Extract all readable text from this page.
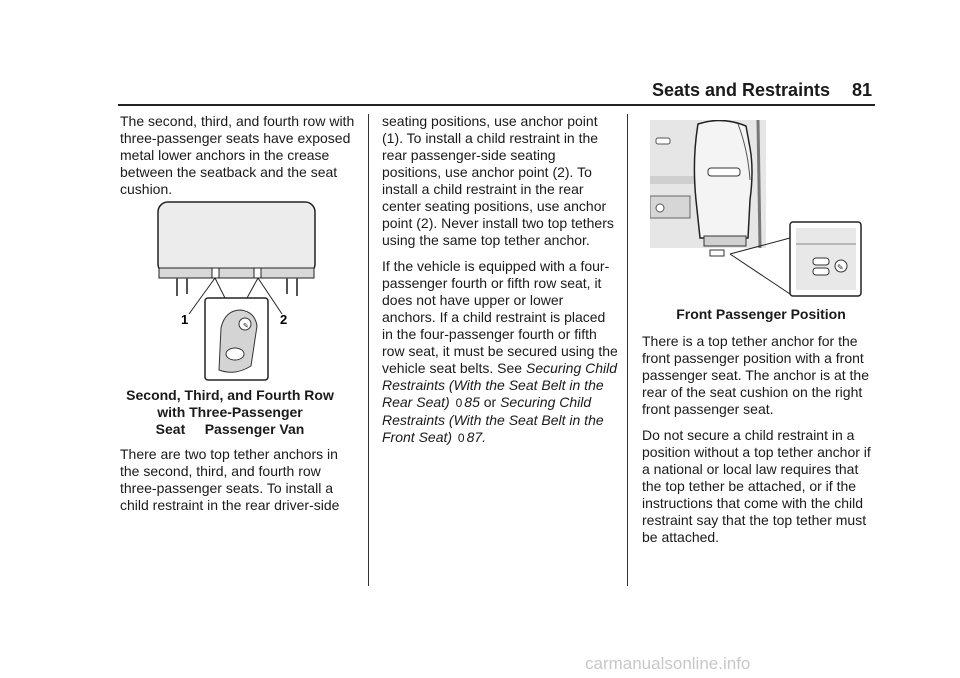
Seats and Restraints 81

The second, third, and fourth row with three-passenger seats have exposed metal lower anchors in the crease between the seatback and the seat cushion.

Second, Third, and Fourth Row
with Three-Passenger
Seat     Passenger Van

There are two top tether anchors in the second, third, and fourth row three-passenger seats. To install a child restraint in the rear driver-side

✎
1	2

seating positions, use anchor point (1). To install a child restraint in the rear passenger-side seating positions, use anchor point (2). To install a child restraint in the rear center seating positions, use anchor point (2). Never install two top tethers using the same top tether anchor.

If the vehicle is equipped with a four-passenger fourth or fifth row seat, it does not have upper or lower anchors. If a child restraint is placed in the four-passenger fourth or fifth row seat, it must be secured using the vehicle seat belts. See Securing Child Restraints (With the Seat Belt in the Rear Seat) 0 85 or Securing Child Restraints (With the Seat Belt in the Front Seat) 0 87.

✎
Front Passenger Position

There is a top tether anchor for the front passenger position with a front passenger seat. The anchor is at the rear of the seat cushion on the right front passenger seat.

Do not secure a child restraint in a position without a top tether anchor if a national or local law requires that the top tether be attached, or if the instructions that come with the child restraint say that the top tether must be attached.

carmanualsonline.info
